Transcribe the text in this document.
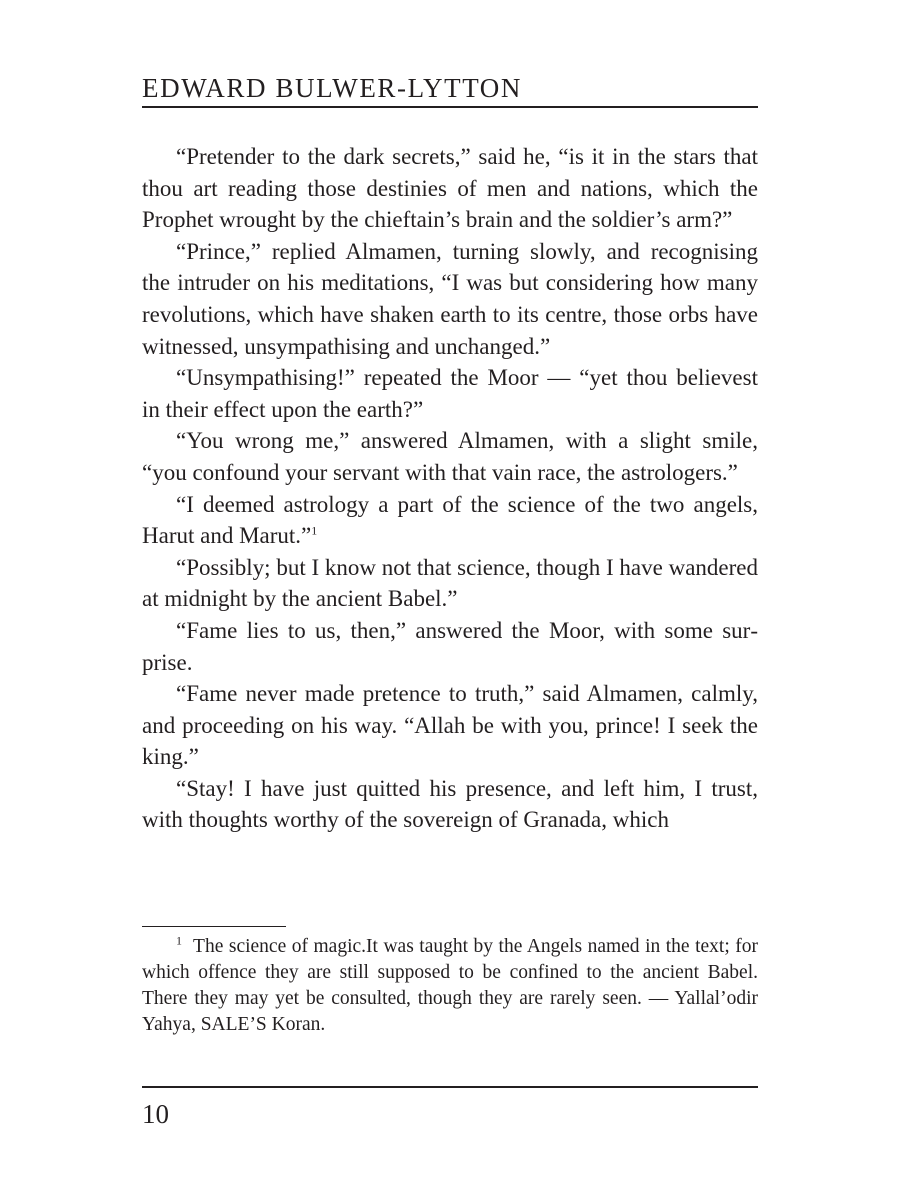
EDWARD BULWER-LYTTON

“Pretender to the dark secrets,” said he, “is it in the stars that thou art reading those destinies of men and nations, which the Prophet wrought by the chieftain’s brain and the soldier’s arm?”

“Prince,” replied Almamen, turning slowly, and recognising the intruder on his meditations, “I was but considering how many revolutions, which have shaken earth to its centre, those orbs have witnessed, unsympathising and unchanged.”

“Unsympathising!” repeated the Moor — “yet thou believest in their effect upon the earth?”

“You wrong me,” answered Almamen, with a slight smile, “you confound your servant with that vain race, the astrologers.”

“I deemed astrology a part of the science of the two angels, Harut and Marut.”$^1$

“Possibly; but I know not that science, though I have wandered at midnight by the ancient Babel.”

“Fame lies to us, then,” answered the Moor, with some surprise.

“Fame never made pretence to truth,” said Almamen, calmly, and proceeding on his way. “Allah be with you, prince! I seek the king.”

“Stay! I have just quitted his presence, and left him, I trust, with thoughts worthy of the sovereign of Granada, which

$^1$ The science of magic.It was taught by the Angels named in the text; for which offence they are still supposed to be confined to the ancient Babel. There they may yet be consulted, though they are rarely seen. — Yallal’odir Yahya, SALE’S Koran.

10
